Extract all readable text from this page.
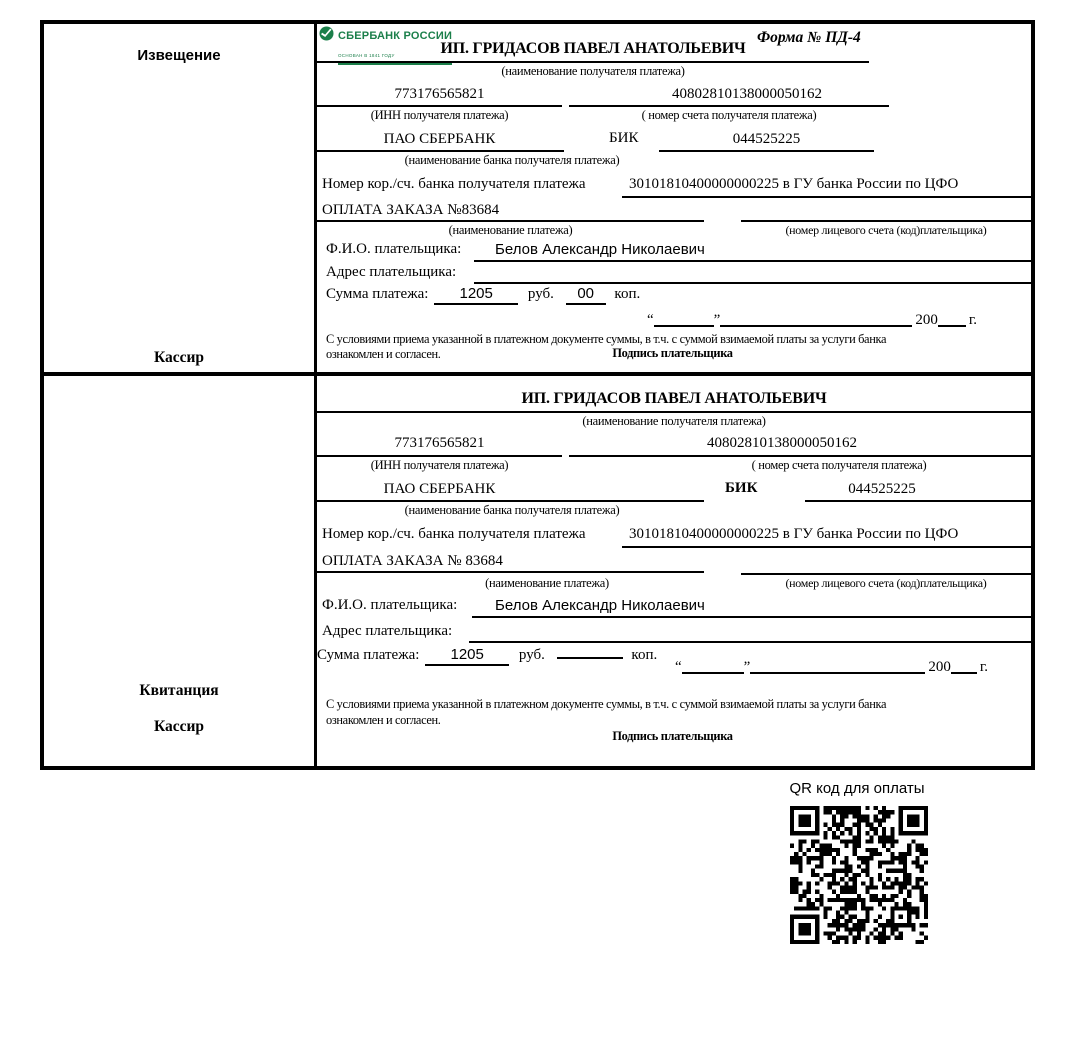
Извещение
Кассир
СБЕРБАНК РОССИИ
ОСНОВАН В 1841 ГОДУ
Форма № ПД-4
ИП. ГРИДАСОВ ПАВЕЛ АНАТОЛЬЕВИЧ
(наименование получателя платежа)
773176565821	40802810138000050162
(ИНН получателя платежа)	( номер счета получателя платежа)
ПАО СБЕРБАНК	БИК	044525225
(наименование банка получателя платежа)
Номер кор./сч. банка получателя платежа	30101810400000000225 в ГУ банка России по ЦФО
ОПЛАТА ЗАКАЗА №83684
(наименование платежа)	(номер лицевого счета (код)плательщика)
Ф.И.О. плательщика: Белов Александр Николаевич
Адрес плательщика:
Сумма платежа: 1205 руб. 00 коп.
“	”	200 г.
С условиями приема указанной в платежном документе суммы, в т.ч. с суммой взимаемой платы за услуги банка
ознакомлен и согласен.	Подпись плательщика
Квитанция
Кассир
ИП. ГРИДАСОВ ПАВЕЛ АНАТОЛЬЕВИЧ
(наименование получателя платежа)
773176565821	40802810138000050162
(ИНН получателя платежа)	( номер счета получателя платежа)
ПАО СБЕРБАНК	БИК	044525225
(наименование банка получателя платежа)
Номер кор./сч. банка получателя платежа	30101810400000000225 в ГУ банка России по ЦФО
ОПЛАТА ЗАКАЗА № 83684
(наименование платежа)	(номер лицевого счета (код)плательщика)
Ф.И.О. плательщика:	Белов Александр Николаевич
Адрес плательщика:
Сумма платежа: 1205 руб.	коп.
“	”	200 г.
С условиями приема указанной в платежном документе суммы, в т.ч. с суммой взимаемой платы за услуги банка
ознакомлен и согласен.
Подпись плательщика
QR код для оплаты
